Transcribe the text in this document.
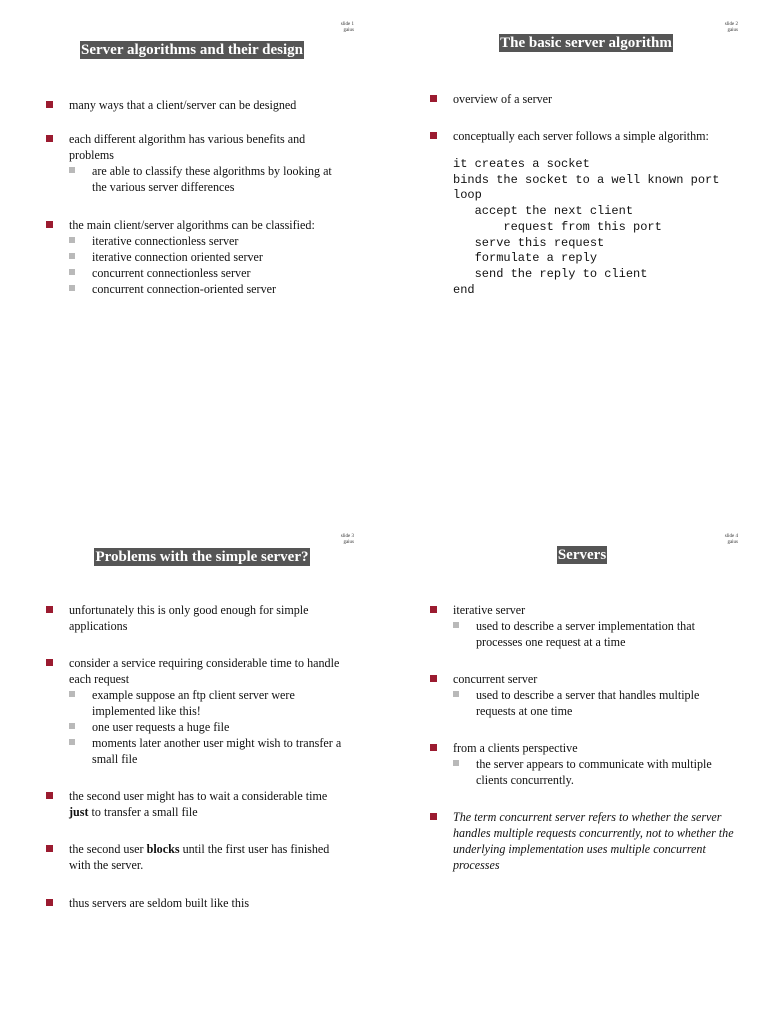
slide 1
gaius
Server algorithms and their design
many ways that a client/server can be designed
each different algorithm has various benefits and problems
are able to classify these algorithms by looking at the various server differences
the main client/server algorithms can be classified:
iterative connectionless server
iterative connection oriented server
concurrent connectionless server
concurrent connection-oriented server
slide 2
gaius
The basic server algorithm
overview of a server
conceptually each server follows a simple algorithm:
it creates a socket
binds the socket to a well known port
loop
accept the next client
request from this port
serve this request
formulate a reply
send the reply to client
end
slide 3
gaius
Problems with the simple server?
unfortunately this is only good enough for simple applications
consider a service requiring considerable time to handle each request
example suppose an ftp client server were implemented like this!
one user requests a huge file
moments later another user might wish to transfer a small file
the second user might has to wait a considerable time just to transfer a small file
the second user blocks until the first user has finished with the server.
thus servers are seldom built like this
slide 4
gaius
Servers
iterative server
used to describe a server implementation that processes one request at a time
concurrent server
used to describe a server that handles multiple requests at one time
from a clients perspective
the server appears to communicate with multiple clients concurrently.
The term concurrent server refers to whether the server handles multiple requests concurrently, not to whether the underlying implementation uses multiple concurrent processes
